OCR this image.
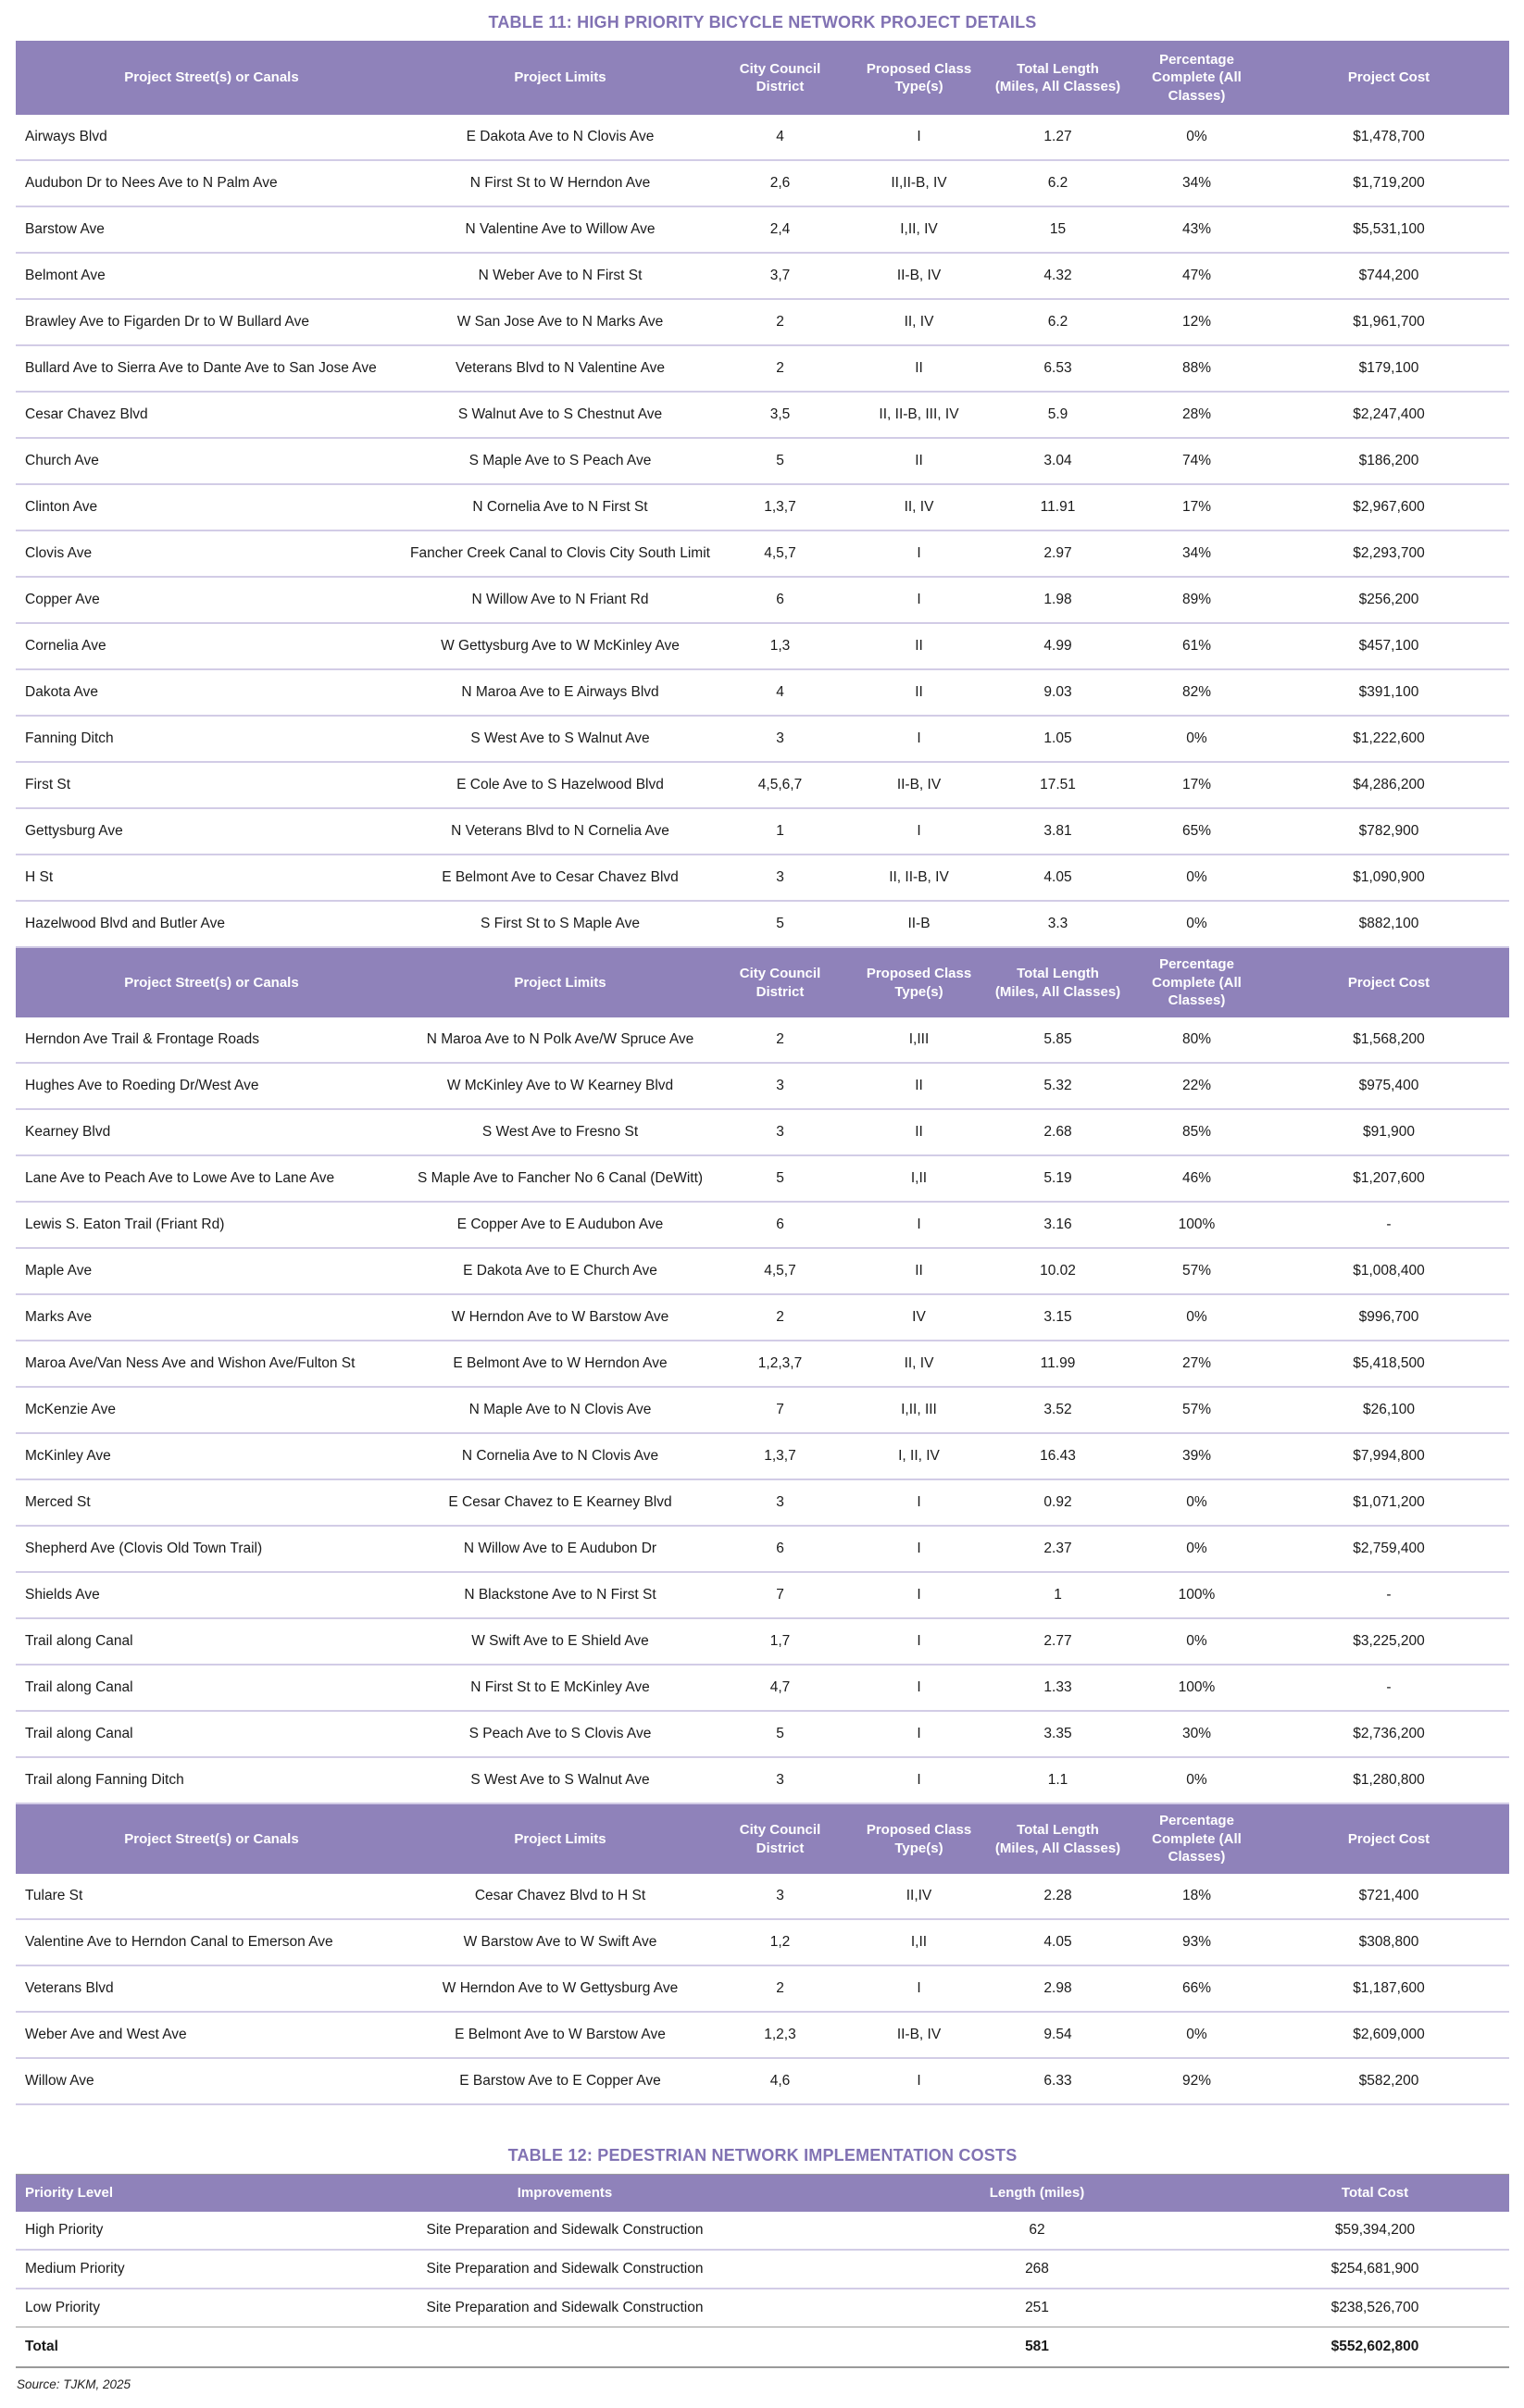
TABLE 11: HIGH PRIORITY BICYCLE NETWORK PROJECT DETAILS
Project Street(s) or Canals	Project Limits	City Council District	Proposed Class Type(s)	Total Length (Miles, All Classes)	Percentage Complete (All Classes)	Project Cost
Airways Blvd	E Dakota Ave to N Clovis Ave	4	I	1.27	0%	$1,478,700
Audubon Dr to Nees Ave to N Palm Ave	N First St to W Herndon Ave	2,6	II,II-B, IV	6.2	34%	$1,719,200
Barstow Ave	N Valentine Ave to Willow Ave	2,4	I,II, IV	15	43%	$5,531,100
Belmont Ave	N Weber Ave to N First St	3,7	II-B, IV	4.32	47%	$744,200
Brawley Ave to Figarden Dr to W Bullard Ave	W San Jose Ave to N Marks Ave	2	II, IV	6.2	12%	$1,961,700
Bullard Ave to Sierra Ave to Dante Ave to San Jose Ave	Veterans Blvd to N Valentine Ave	2	II	6.53	88%	$179,100
Cesar Chavez Blvd	S Walnut Ave to S Chestnut Ave	3,5	II, II-B, III, IV	5.9	28%	$2,247,400
Church Ave	S Maple Ave to S Peach Ave	5	II	3.04	74%	$186,200
Clinton Ave	N Cornelia Ave to N First St	1,3,7	II, IV	11.91	17%	$2,967,600
Clovis Ave	Fancher Creek Canal to Clovis City South Limit	4,5,7	I	2.97	34%	$2,293,700
Copper Ave	N Willow Ave to N Friant Rd	6	I	1.98	89%	$256,200
Cornelia Ave	W Gettysburg Ave to W McKinley Ave	1,3	II	4.99	61%	$457,100
Dakota Ave	N Maroa Ave to E Airways Blvd	4	II	9.03	82%	$391,100
Fanning Ditch	S West Ave to S Walnut Ave	3	I	1.05	0%	$1,222,600
First St	E Cole Ave to S Hazelwood Blvd	4,5,6,7	II-B, IV	17.51	17%	$4,286,200
Gettysburg Ave	N Veterans Blvd to N Cornelia Ave	1	I	3.81	65%	$782,900
H St	E Belmont Ave to Cesar Chavez Blvd	3	II, II-B, IV	4.05	0%	$1,090,900
Hazelwood Blvd and Butler Ave	S First St to S Maple Ave	5	II-B	3.3	0%	$882,100
Project Street(s) or Canals	Project Limits	City Council District	Proposed Class Type(s)	Total Length (Miles, All Classes)	Percentage Complete (All Classes)	Project Cost
Herndon Ave Trail & Frontage Roads	N Maroa Ave to N Polk Ave/W Spruce Ave	2	I,III	5.85	80%	$1,568,200
Hughes Ave to Roeding Dr/West Ave	W McKinley Ave to W Kearney Blvd	3	II	5.32	22%	$975,400
Kearney Blvd	S West Ave to Fresno St	3	II	2.68	85%	$91,900
Lane Ave to Peach Ave to Lowe Ave to Lane Ave	S Maple Ave to Fancher No 6 Canal (DeWitt)	5	I,II	5.19	46%	$1,207,600
Lewis S. Eaton Trail (Friant Rd)	E Copper Ave to E Audubon Ave	6	I	3.16	100%	-
Maple Ave	E Dakota Ave to E Church Ave	4,5,7	II	10.02	57%	$1,008,400
Marks Ave	W Herndon Ave to W Barstow Ave	2	IV	3.15	0%	$996,700
Maroa Ave/Van Ness Ave and Wishon Ave/Fulton St	E Belmont Ave to W Herndon Ave	1,2,3,7	II, IV	11.99	27%	$5,418,500
McKenzie Ave	N Maple Ave to N Clovis Ave	7	I,II, III	3.52	57%	$26,100
McKinley Ave	N Cornelia Ave to N Clovis Ave	1,3,7	I, II, IV	16.43	39%	$7,994,800
Merced St	E Cesar Chavez to E Kearney Blvd	3	I	0.92	0%	$1,071,200
Shepherd Ave (Clovis Old Town Trail)	N Willow Ave to E Audubon Dr	6	I	2.37	0%	$2,759,400
Shields Ave	N Blackstone Ave to N First St	7	I	1	100%	-
Trail along Canal	W Swift Ave to E Shield Ave	1,7	I	2.77	0%	$3,225,200
Trail along Canal	N First St to E McKinley Ave	4,7	I	1.33	100%	-
Trail along Canal	S Peach Ave to S Clovis Ave	5	I	3.35	30%	$2,736,200
Trail along Fanning Ditch	S West Ave to S Walnut Ave	3	I	1.1	0%	$1,280,800
Project Street(s) or Canals	Project Limits	City Council District	Proposed Class Type(s)	Total Length (Miles, All Classes)	Percentage Complete (All Classes)	Project Cost
Tulare St	Cesar Chavez Blvd to H St	3	II,IV	2.28	18%	$721,400
Valentine Ave to Herndon Canal to Emerson Ave	W Barstow Ave to W Swift Ave	1,2	I,II	4.05	93%	$308,800
Veterans Blvd	W Herndon Ave to W Gettysburg Ave	2	I	2.98	66%	$1,187,600
Weber Ave and West Ave	E Belmont Ave to W Barstow Ave	1,2,3	II-B, IV	9.54	0%	$2,609,000
Willow Ave	E Barstow Ave to E Copper Ave	4,6	I	6.33	92%	$582,200
TABLE 12: PEDESTRIAN NETWORK IMPLEMENTATION COSTS
Priority Level	Improvements	Length (miles)	Total Cost
High Priority	Site Preparation and Sidewalk Construction	62	$59,394,200
Medium Priority	Site Preparation and Sidewalk Construction	268	$254,681,900
Low Priority	Site Preparation and Sidewalk Construction	251	$238,526,700
Total		581	$552,602,800
Source: TJKM, 2025
